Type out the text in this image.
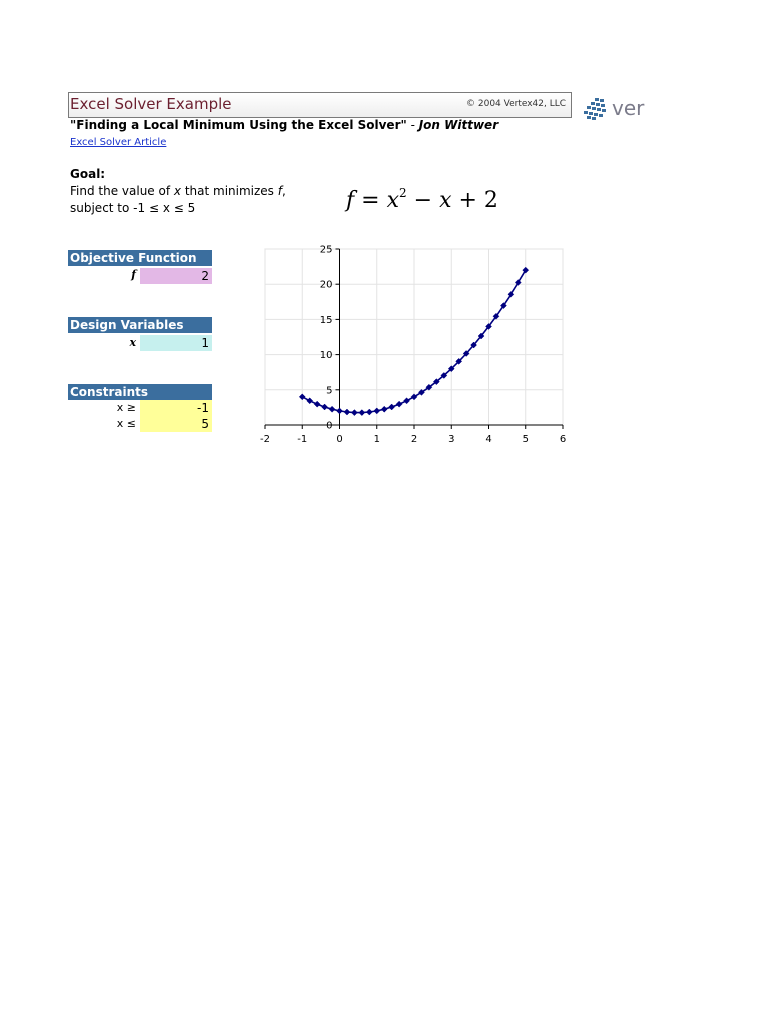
Excel Solver Example	© 2004 Vertex42, LLC ver
"Finding a Local Minimum Using the Excel Solver" - Jon Wittwer
Excel Solver Article
Goal:
Find the value of x that minimizes f,
subject to -1 ≤ x ≤ 5	$f = x^2 - x + 2$
Objective Function
f	2
Design Variables
x	1
Constraints
x ≥	-1
x ≤	5
-2	-1	0	1	2	3	4	5	6
0
5
10
15
20
25
